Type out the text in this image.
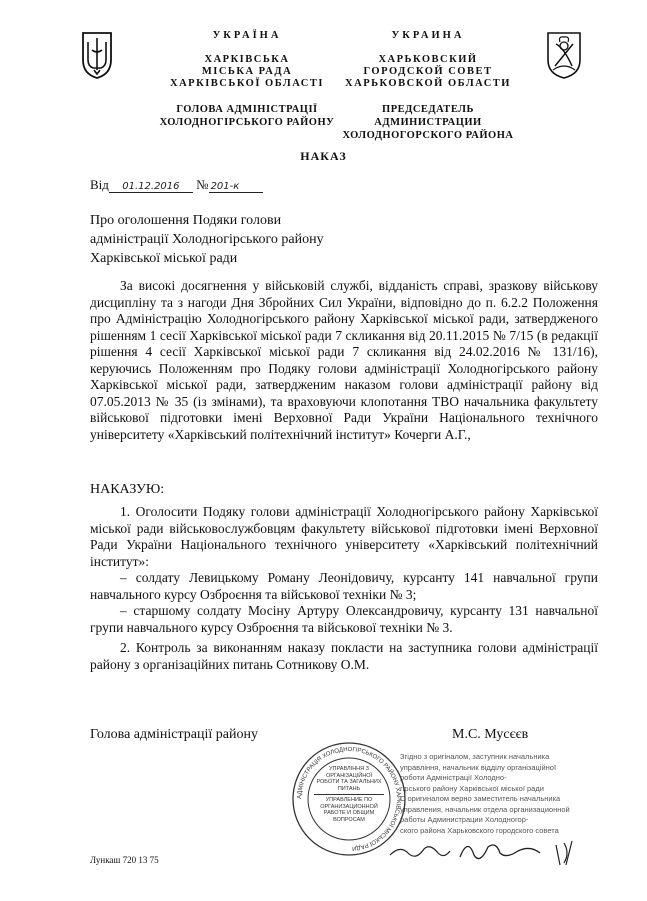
УКРАЇНА
ХАРКІВСЬКА
МІСЬКА РАДА
ХАРКІВСЬКОЇ ОБЛАСТІ
ГОЛОВА АДМІНІСТРАЦІЇ
ХОЛОДНОГІРСЬКОГО РАЙОНУ
УКРАИНА
ХАРЬКОВСКИЙ
ГОРОДСКОЙ СОВЕТ
ХАРЬКОВСКОЙ ОБЛАСТИ
ПРЕДСЕДАТЕЛЬ АДМИНИСТРАЦИИ
ХОЛОДНОГОРСКОГО РАЙОНА
НАКАЗ
Від 01.12.2016 № 201-к
Про оголошення Подяки голови
адміністрації Холодногірського району
Харківської міської ради
За високі досягнення у військовій службі, відданість справі, зразкову військову дисципліну та з нагоди Дня Збройних Сил України, відповідно до п. 6.2.2 Положення про Адміністрацію Холодногірського району Харківської міської ради, затвердженого рішенням 1 сесії Харківської міської ради 7 скликання від 20.11.2015 № 7/15 (в редакції рішення 4 сесії Харківської міської ради 7 скликання від 24.02.2016 № 131/16), керуючись Положенням про Подяку голови адміністрації Холодногірського району Харківської міської ради, затвердженим наказом голови адміністрації району від 07.05.2013 № 35 (із змінами), та враховуючи клопотання ТВО начальника факультету військової підготовки імені Верховної Ради України Національного технічного університету «Харківський політехнічний інститут» Кочерги А.Г.,
НАКАЗУЮ:
1. Оголосити Подяку голови адміністрації Холодногірського району Харківської міської ради військовослужбовцям факультету військової підготовки імені Верховної Ради України Національного технічного університету «Харківський політехнічний інститут»:
– солдату Левицькому Роману Леонідовичу, курсанту 141 навчальної групи навчального курсу Озброєння та військової техніки № 3;
– старшому солдату Мосіну Артуру Олександровичу, курсанту 131 навчальної групи навчального курсу Озброєння та військової техніки № 3.
2. Контроль за виконанням наказу покласти на заступника голови адміністрації району з організаційних питань Сотникову О.М.
Голова адміністрації району	М.С. Мусєєв
Згідно з оригіналом, заступник начальника
управління, начальник відділу організаційної
роботи Адміністрації Холодно-
гірського району Харківської міської ради
С оригиналом верно заместитель начальника
управления, начальник отдела организационной
работы Администрации Холодногор-
ского района Харьковского городского совета
АДМІНІСТРАЦІЯ ХОЛОДНОГІРСЬКОГО РАЙОНУ ХАРКІВСЬКОЇ МІСЬКОЇ РАДИ
УПРАВЛІННЯ З ОРГАНІЗАЦІЙНОЇ РОБОТИ ТА ЗАГАЛЬНИХ ПИТАНЬ
УПРАВЛЕНИЕ ПО ОРГАНИЗАЦИОННОЙ РАБОТЕ И ОБЩИМ ВОПРОСАМ
Лункаш 720 13 75
